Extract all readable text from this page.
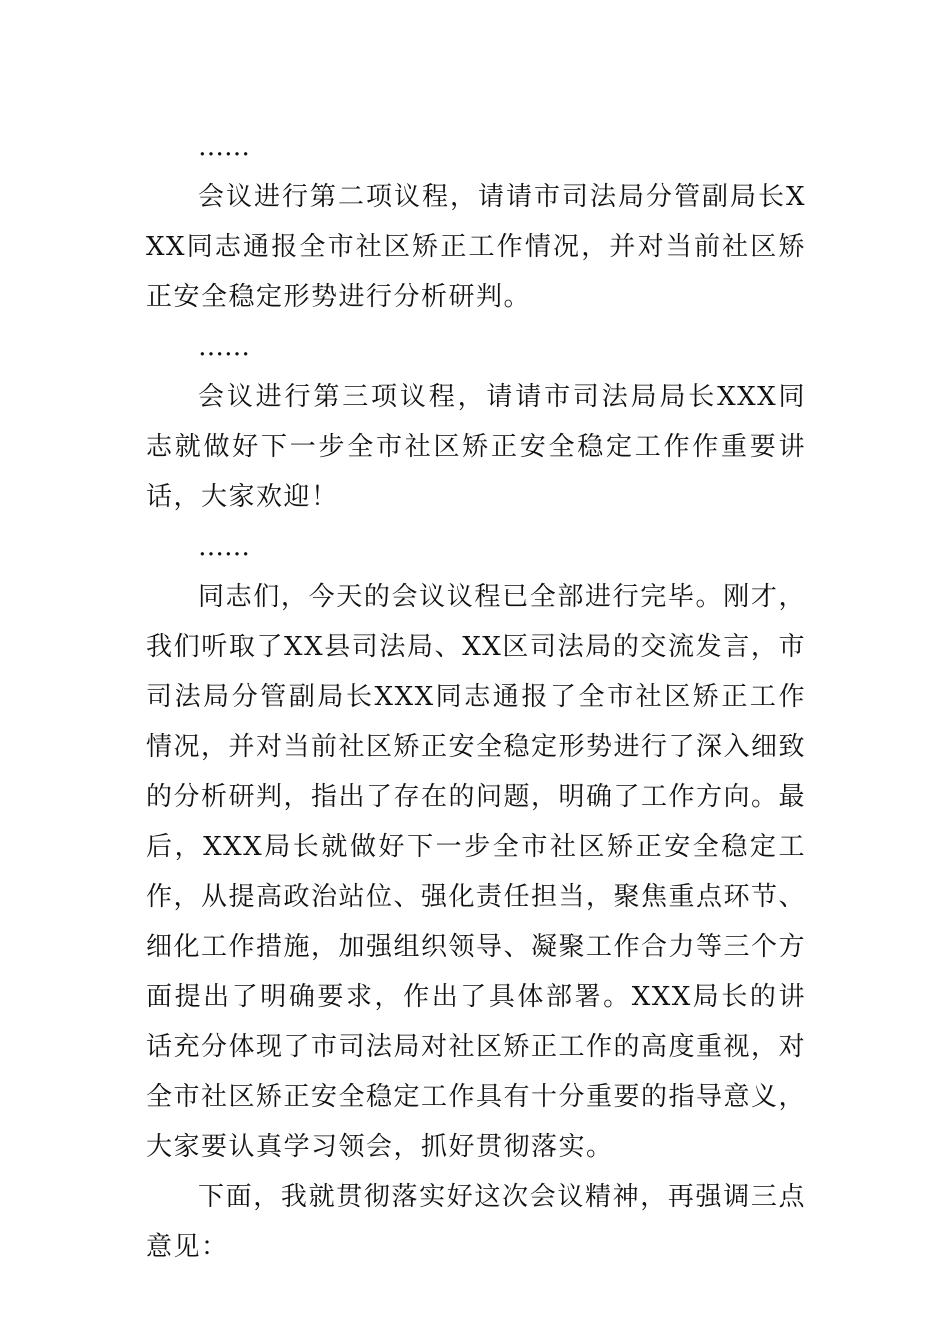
……

会议进行第二项议程，请请市司法局分管副局长XXX同志通报全市社区矫正工作情况，并对当前社区矫正安全稳定形势进行分析研判。

……

会议进行第三项议程，请请市司法局局长XXX同志就做好下一步全市社区矫正安全稳定工作作重要讲话，大家欢迎！

……

同志们，今天的会议议程已全部进行完毕。刚才，我们听取了XX县司法局、XX区司法局的交流发言，市司法局分管副局长XXX同志通报了全市社区矫正工作情况，并对当前社区矫正安全稳定形势进行了深入细致的分析研判，指出了存在的问题，明确了工作方向。最后，XXX局长就做好下一步全市社区矫正安全稳定工作，从提高政治站位、强化责任担当，聚焦重点环节、细化工作措施，加强组织领导、凝聚工作合力等三个方面提出了明确要求，作出了具体部署。XXX局长的讲话充分体现了市司法局对社区矫正工作的高度重视，对全市社区矫正安全稳定工作具有十分重要的指导意义，大家要认真学习领会，抓好贯彻落实。

下面，我就贯彻落实好这次会议精神，再强调三点意见：
